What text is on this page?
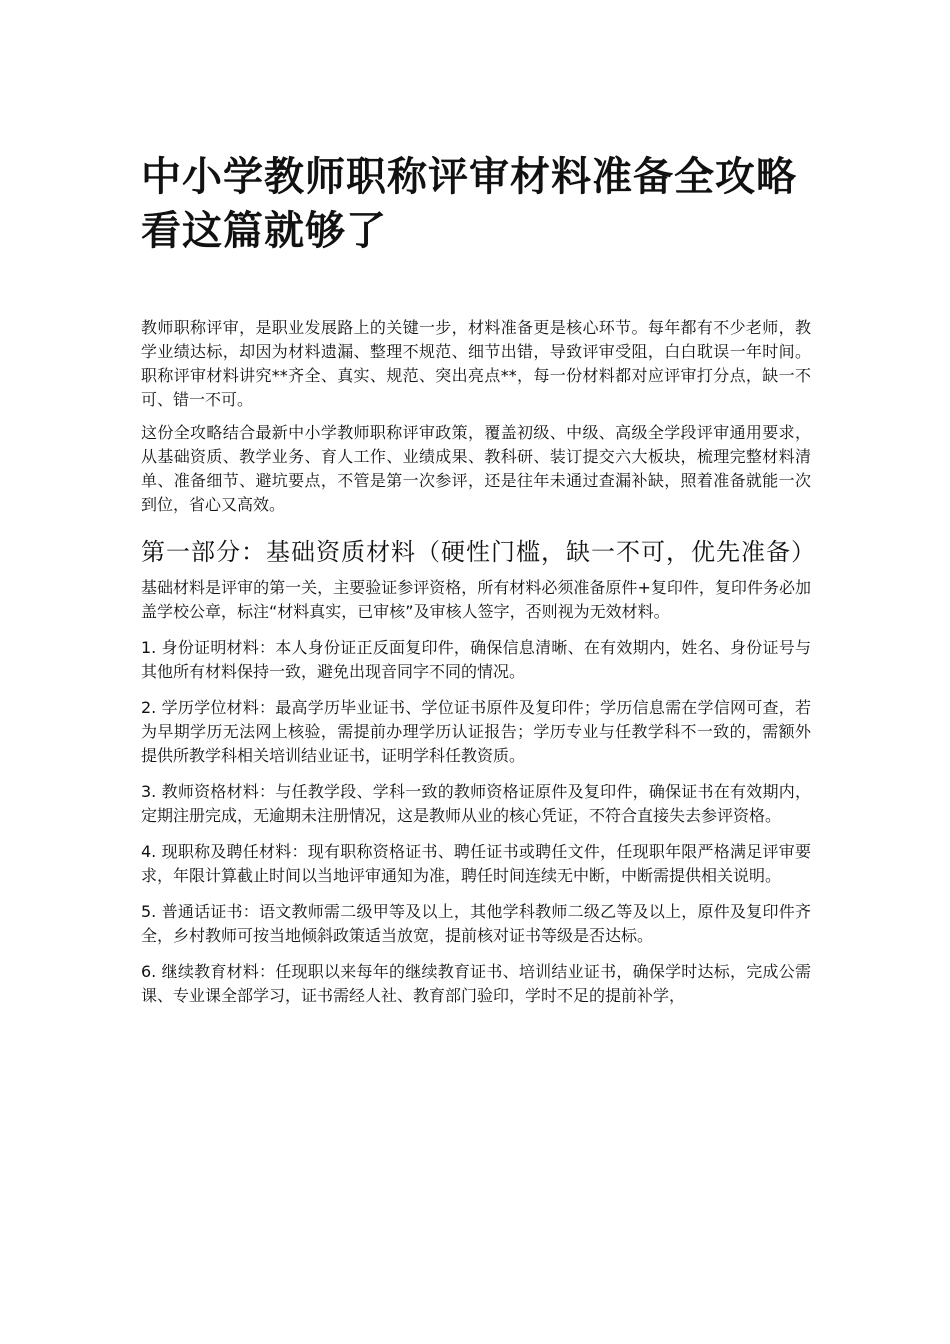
中小学教师职称评审材料准备全攻略看这篇就够了

教师职称评审，是职业发展路上的关键一步，材料准备更是核心环节。每年都有不少老师，教学业绩达标，却因为材料遗漏、整理不规范、细节出错，导致评审受阻，白白耽误一年时间。职称评审材料讲究**齐全、真实、规范、突出亮点**，每一份材料都对应评审打分点，缺一不可、错一不可。

这份全攻略结合最新中小学教师职称评审政策，覆盖初级、中级、高级全学段评审通用要求，从基础资质、教学业务、育人工作、业绩成果、教科研、装订提交六大板块，梳理完整材料清单、准备细节、避坑要点，不管是第一次参评，还是往年未通过查漏补缺，照着准备就能一次到位，省心又高效。

第一部分：基础资质材料（硬性门槛，缺一不可，优先准备）

基础材料是评审的第一关，主要验证参评资格，所有材料必须准备原件+复印件，复印件务必加盖学校公章，标注“材料真实，已审核”及审核人签字，否则视为无效材料。

1. 身份证明材料：本人身份证正反面复印件，确保信息清晰、在有效期内，姓名、身份证号与其他所有材料保持一致，避免出现音同字不同的情况。

2. 学历学位材料：最高学历毕业证书、学位证书原件及复印件；学历信息需在学信网可查，若为早期学历无法网上核验，需提前办理学历认证报告；学历专业与任教学科不一致的，需额外提供所教学科相关培训结业证书，证明学科任教资质。

3. 教师资格材料：与任教学段、学科一致的教师资格证原件及复印件，确保证书在有效期内，定期注册完成，无逾期未注册情况，这是教师从业的核心凭证，不符合直接失去参评资格。

4. 现职称及聘任材料：现有职称资格证书、聘任证书或聘任文件，任现职年限严格满足评审要求，年限计算截止时间以当地评审通知为准，聘任时间连续无中断，中断需提供相关说明。

5. 普通话证书：语文教师需二级甲等及以上，其他学科教师二级乙等及以上，原件及复印件齐全，乡村教师可按当地倾斜政策适当放宽，提前核对证书等级是否达标。

6. 继续教育材料：任现职以来每年的继续教育证书、培训结业证书，确保学时达标，完成公需课、专业课全部学习，证书需经人社、教育部门验印，学时不足的提前补学，
